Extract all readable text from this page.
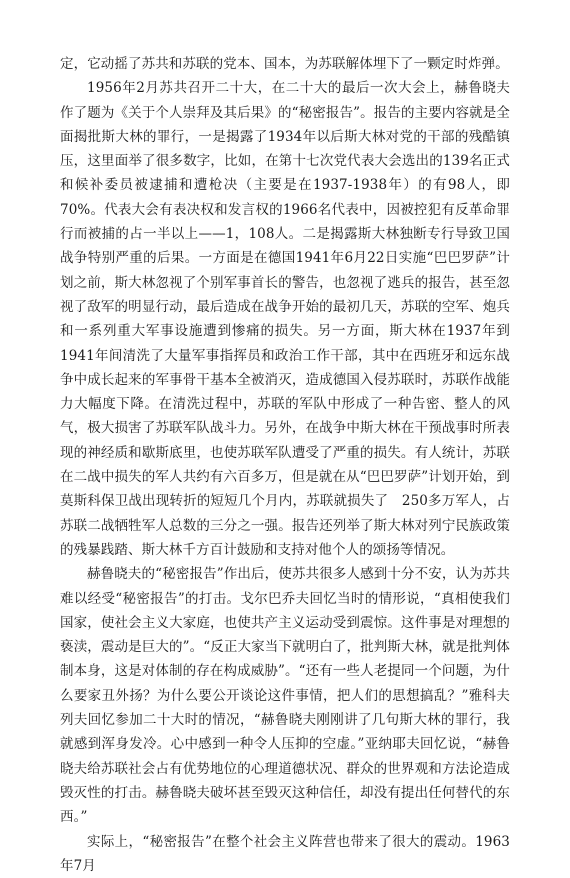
定，它动摇了苏共和苏联的党本、国本，为苏联解体埋下了一颗定时炸弹。

1956年2月苏共召开二十大，在二十大的最后一次大会上，赫鲁晓夫作了题为《关于个人崇拜及其后果》的“秘密报告”。报告的主要内容就是全面揭批斯大林的罪行，一是揭露了1934年以后斯大林对党的干部的残酷镇压，这里面举了很多数字，比如，在第十七次党代表大会选出的139名正式和候补委员被逮捕和遭枪决（主要是在1937-1938年）的有98人，即70%。代表大会有表决权和发言权的1966名代表中，因被控犯有反革命罪行而被捕的占一半以上——1，108人。二是揭露斯大林独断专行导致卫国战争特别严重的后果。一方面是在德国1941年6月22日实施“巴巴罗萨”计划之前，斯大林忽视了个别军事首长的警告，也忽视了逃兵的报告，甚至忽视了敌军的明显行动，最后造成在战争开始的最初几天，苏联的空军、炮兵和一系列重大军事设施遭到惨痛的损失。另一方面，斯大林在1937年到1941年间清洗了大量军事指挥员和政治工作干部，其中在西班牙和远东战争中成长起来的军事骨干基本全被消灭，造成德国入侵苏联时，苏联作战能力大幅度下降。在清洗过程中，苏联的军队中形成了一种告密、整人的风气，极大损害了苏联军队战斗力。另外，在战争中斯大林在干预战事时所表现的神经质和歇斯底里，也使苏联军队遭受了严重的损失。有人统计，苏联在二战中损失的军人共约有六百多万，但是就在从“巴巴罗萨”计划开始，到莫斯科保卫战出现转折的短短几个月内，苏联就损失了　250多万军人，占苏联二战牺牲军人总数的三分之一强。报告还列举了斯大林对列宁民族政策的残暴践踏、斯大林千方百计鼓励和支持对他个人的颂扬等情况。

赫鲁晓夫的“秘密报告”作出后，使苏共很多人感到十分不安，认为苏共难以经受“秘密报告”的打击。戈尔巴乔夫回忆当时的情形说，“真相使我们国家，使社会主义大家庭，也使共产主义运动受到震惊。这件事是对理想的亵渎，震动是巨大的”。“反正大家当下就明白了，批判斯大林，就是批判体制本身，这是对体制的存在构成威胁”。“还有一些人老提同一个问题，为什么要家丑外扬？为什么要公开谈论这件事情，把人们的思想搞乱？”雅科夫列夫回忆参加二十大时的情况，“赫鲁晓夫刚刚讲了几句斯大林的罪行，我就感到浑身发冷。心中感到一种令人压抑的空虚。”亚纳耶夫回忆说，“赫鲁晓夫给苏联社会占有优势地位的心理道德状况、群众的世界观和方法论造成毁灭性的打击。赫鲁晓夫破坏甚至毁灭这种信任，却没有提出任何替代的东西。”

实际上，“秘密报告”在整个社会主义阵营也带来了很大的震动。1963年7月
